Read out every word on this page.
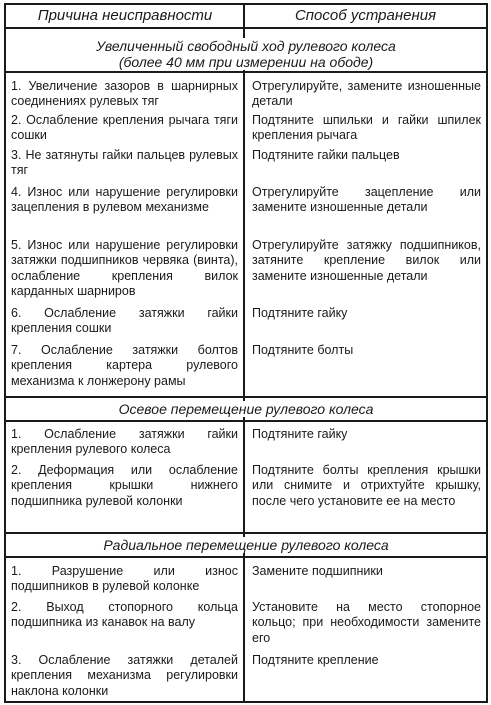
Причина неисправности	Способ устранения
Увеличенный свободный ход рулевого колеса
(более 40 мм при измерении на ободе)
1. Увеличение зазоров в шарнирных соединениях рулевых тяг
Отрегулируйте, замените изношенные детали
2. Ослабление крепления рычага тяги сошки
Подтяните шпильки и гайки шпилек крепления рычага
3. Не затянуты гайки пальцев рулевых тяг
Подтяните гайки пальцев
4. Износ или нарушение регулировки зацепления в рулевом механизме
Отрегулируйте зацепление или замените изношенные детали
5. Износ или нарушение регулировки затяжки подшипников червяка (винта), ослабление крепления вилок карданных шарниров
Отрегулируйте затяжку подшипников, затяните крепление вилок или замените изношенные детали
6. Ослабление затяжки гайки крепления сошки
Подтяните гайку
7. Ослабление затяжки болтов крепления картера рулевого механизма к лонжерону рамы
Подтяните болты
Осевое перемещение рулевого колеса
1. Ослабление затяжки гайки крепления рулевого колеса
Подтяните гайку
2. Деформация или ослабление крепления крышки нижнего подшипника рулевой колонки
Подтяните болты крепления крышки или снимите и отрихтуйте крышку, после чего установите ее на место
Радиальное перемещение рулевого колеса
1. Разрушение или износ подшипников в рулевой колонке
Замените подшипники
2. Выход стопорного кольца подшипника из канавок на валу
Установите на место стопорное кольцо; при необходимости замените его
3. Ослабление затяжки деталей крепления механизма регулировки наклона колонки
Подтяните крепление
